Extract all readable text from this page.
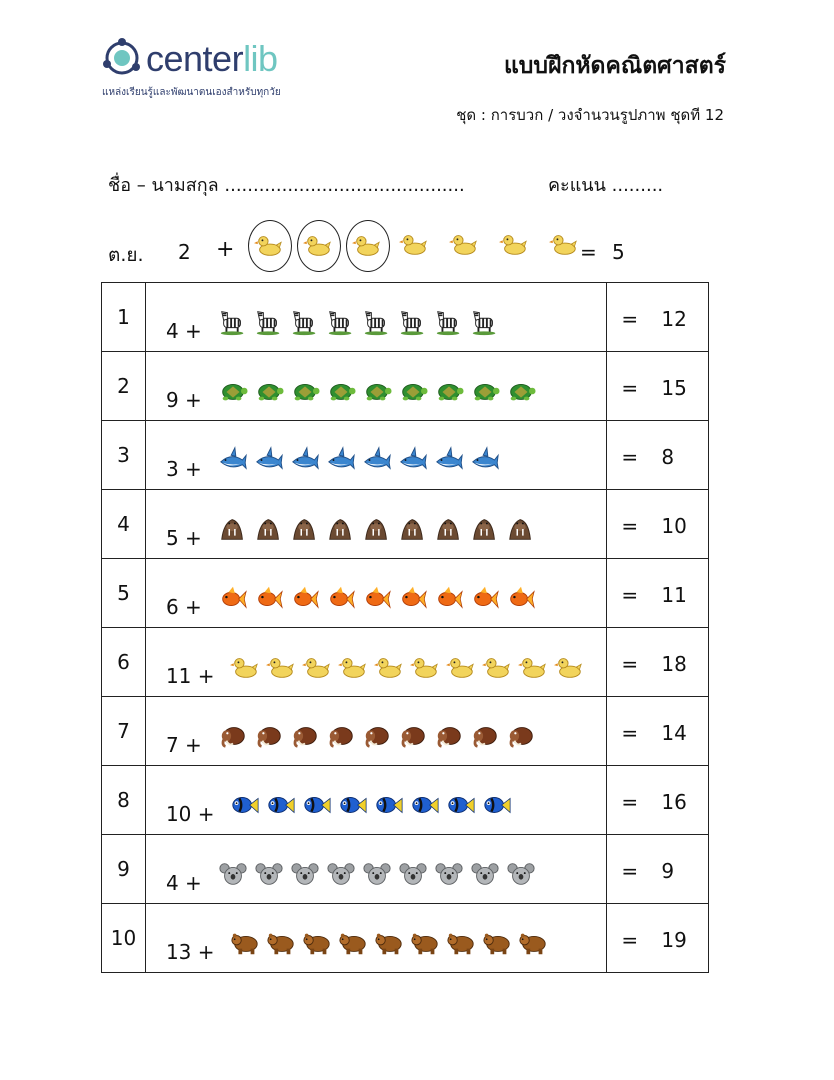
centerlib
แหล่งเรียนรู้และพัฒนาตนเองสำหรับทุกวัย
แบบฝึกหัดคณิตศาสตร์
ชุด : การบวก / วงจำนวนรูปภาพ ชุดที 12
ชื่อ – นามสกุล ..........................................	คะแนน .........
ต.ย. 2 +	= 5
1	4 +	= 12

2	9 +	= 15

3	3 +	= 8

4	5 +	= 10

5	6 +	= 11

6	11 +	= 18

7	7 +	= 14

8	10 +	= 16

9	4 +	= 9

10	13 +	= 19
